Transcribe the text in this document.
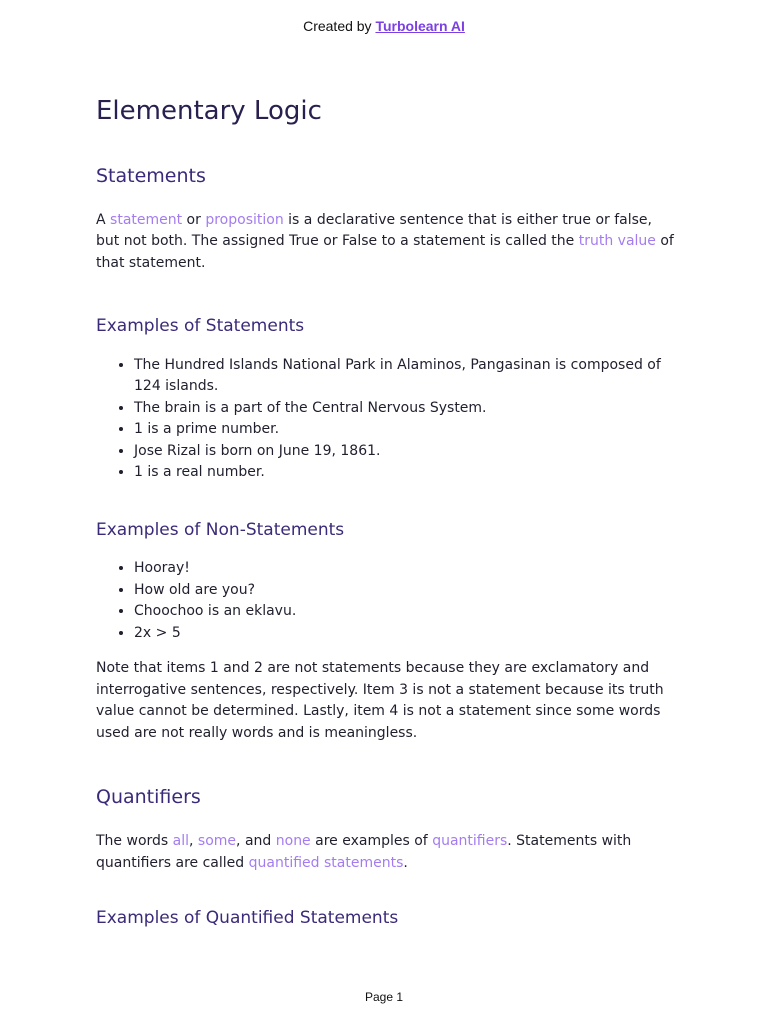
Created by Turbolearn AI
Elementary Logic
Statements

A statement or proposition is a declarative sentence that is either true or false, but not both. The assigned True or False to a statement is called the truth value of that statement.

Examples of Statements
• The Hundred Islands National Park in Alaminos, Pangasinan is composed of 124 islands.
• The brain is a part of the Central Nervous System.
• 1 is a prime number.
• Jose Rizal is born on June 19, 1861.
• 1 is a real number.
Examples of Non-Statements
• Hooray!
• How old are you?
• Choochoo is an eklavu.
• 2x > 5

Note that items 1 and 2 are not statements because they are exclamatory and interrogative sentences, respectively. Item 3 is not a statement because its truth value cannot be determined. Lastly, item 4 is not a statement since some words used are not really words and is meaningless.

Quantifiers

The words all, some, and none are examples of quantifiers. Statements with quantifiers are called quantified statements.

Examples of Quantified Statements
Page 1
